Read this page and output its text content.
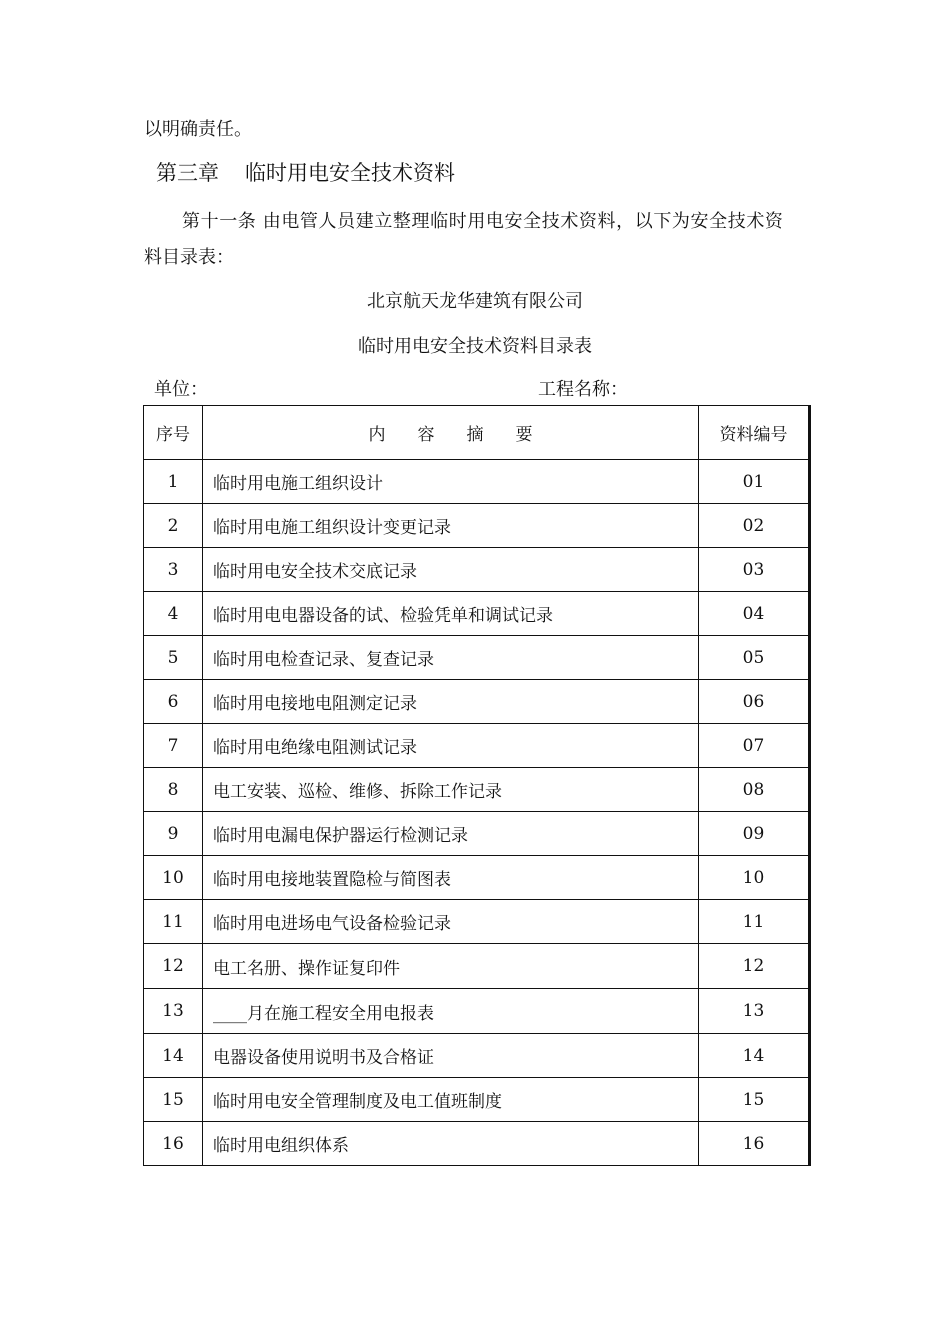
以明确责任。
第三章 临时用电安全技术资料
第十一条 由电管人员建立整理临时用电安全技术资料，以下为安全技术资
料目录表：
北京航天龙华建筑有限公司
临时用电安全技术资料目录表
单位：	工程名称：
序号	内 容 摘 要	资料编号
1	临时用电施工组织设计	01
2	临时用电施工组织设计变更记录	02
3	临时用电安全技术交底记录	03
4	临时用电电器设备的试、检验凭单和调试记录	04
5	临时用电检查记录、复查记录	05
6	临时用电接地电阻测定记录	06
7	临时用电绝缘电阻测试记录	07
8	电工安装、巡检、维修、拆除工作记录	08
9	临时用电漏电保护器运行检测记录	09
10	临时用电接地装置隐检与简图表	10
11	临时用电进场电气设备检验记录	11
12	电工名册、操作证复印件	12
13	____月在施工程安全用电报表	13
14	电器设备使用说明书及合格证	14
15	临时用电安全管理制度及电工值班制度	15
16	临时用电组织体系	16
